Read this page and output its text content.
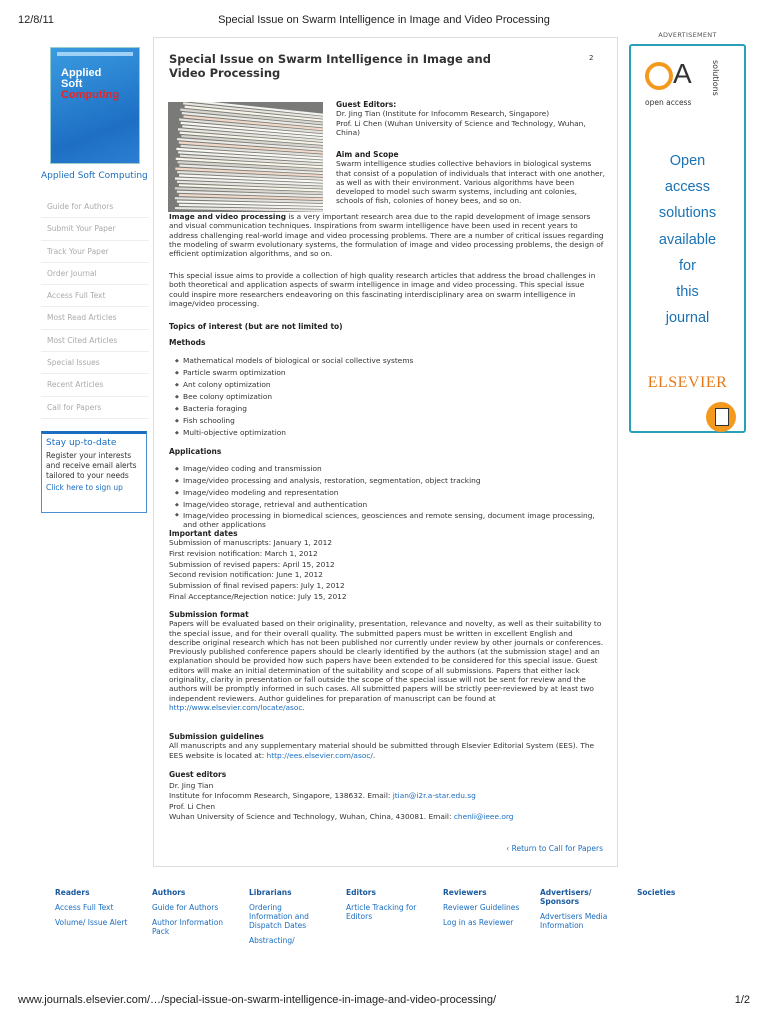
12/8/11	Special Issue on Swarm Intelligence in Image and Video Processing
www.journals.elsevier.com/…/special-issue-on-swarm-intelligence-in-image-and-video-processing/	1/2
Applied
Soft
Computing
Applied Soft Computing
Guide for Authors
Submit Your Paper
Track Your Paper
Order Journal
Access Full Text
Most Read Articles
Most Cited Articles
Special Issues
Recent Articles
Call for Papers
Stay up-to-date
Register your interests and receive email alerts tailored to your needs
Click here to sign up
Special Issue on Swarm Intelligence in Image and Video Processing
2
Guest Editors:
Dr. Jing Tian (Institute for Infocomm Research, Singapore)
Prof. Li Chen (Wuhan University of Science and Technology, Wuhan, China)
Aim and Scope
Swarm intelligence studies collective behaviors in biological systems that consist of a population of individuals that interact with one another, as well as with their environment. Various algorithms have been developed to model such swarm systems, including ant colonies, schools of fish, colonies of honey bees, and so on.
Image and video processing is a very important research area due to the rapid development of image sensors and visual communication techniques. Inspirations from swarm intelligence have been used in recent years to address challenging real-world image and video processing problems. There are a number of critical issues regarding the modeling of swarm evolutionary systems, the formulation of image and video processing problems, the design of efficient optimization algorithms, and so on.
This special issue aims to provide a collection of high quality research articles that address the broad challenges in both theoretical and application aspects of swarm intelligence in image and video processing. This special issue could inspire more researchers endeavoring on this fascinating interdisciplinary area on swarm intelligence in image/video processing.
Topics of interest (but are not limited to)
Methods
◆ Mathematical models of biological or social collective systems
◆ Particle swarm optimization
◆ Ant colony optimization
◆ Bee colony optimization
◆ Bacteria foraging
◆ Fish schooling
◆ Multi-objective optimization
Applications
◆ Image/video coding and transmission
◆ Image/video processing and analysis, restoration, segmentation, object tracking
◆ Image/video modeling and representation
◆ Image/video storage, retrieval and authentication
◆ Image/video processing in biomedical sciences, geosciences and remote sensing, document image processing, and other applications
Important dates
Submission of manuscripts: January 1, 2012
First revision notification: March 1, 2012
Submission of revised papers: April 15, 2012
Second revision notification: June 1, 2012
Submission of final revised papers: July 1, 2012
Final Acceptance/Rejection notice: July 15, 2012
Submission format
Papers will be evaluated based on their originality, presentation, relevance and novelty, as well as their suitability to the special issue, and for their overall quality. The submitted papers must be written in excellent English and describe original research which has not been published nor currently under review by other journals or conferences. Previously published conference papers should be clearly identified by the authors (at the submission stage) and an explanation should be provided how such papers have been extended to be considered for this special issue. Guest editors will make an initial determination of the suitability and scope of all submissions. Papers that either lack originality, clarity in presentation or fall outside the scope of the special issue will not be sent for review and the authors will be promptly informed in such cases. All submitted papers will be strictly peer-reviewed by at least two independent reviewers. Author guidelines for preparation of manuscript can be found at http://www.elsevier.com/locate/asoc.
Submission guidelines
All manuscripts and any supplementary material should be submitted through Elsevier Editorial System (EES). The EES website is located at: http://ees.elsevier.com/asoc/.
Guest editors
Dr. Jing Tian
Institute for Infocomm Research, Singapore, 138632. Email: jtian@i2r.a-star.edu.sg
Prof. Li Chen
Wuhan University of Science and Technology, Wuhan, China, 430081. Email: chenli@ieee.org
‹ Return to Call for Papers
ADVERTISEMENT
A solutions
open access
Open
access
solutions
available
for
this
journal
ELSEVIER
Readers
Access Full Text
Volume/ Issue Alert
Authors
Guide for Authors
Author Information Pack
Librarians
Ordering Information and Dispatch Dates
Abstracting/
Editors
Article Tracking for Editors
Reviewers
Reviewer Guidelines
Log in as Reviewer
Advertisers/ Sponsors
Advertisers Media Information
Societies
